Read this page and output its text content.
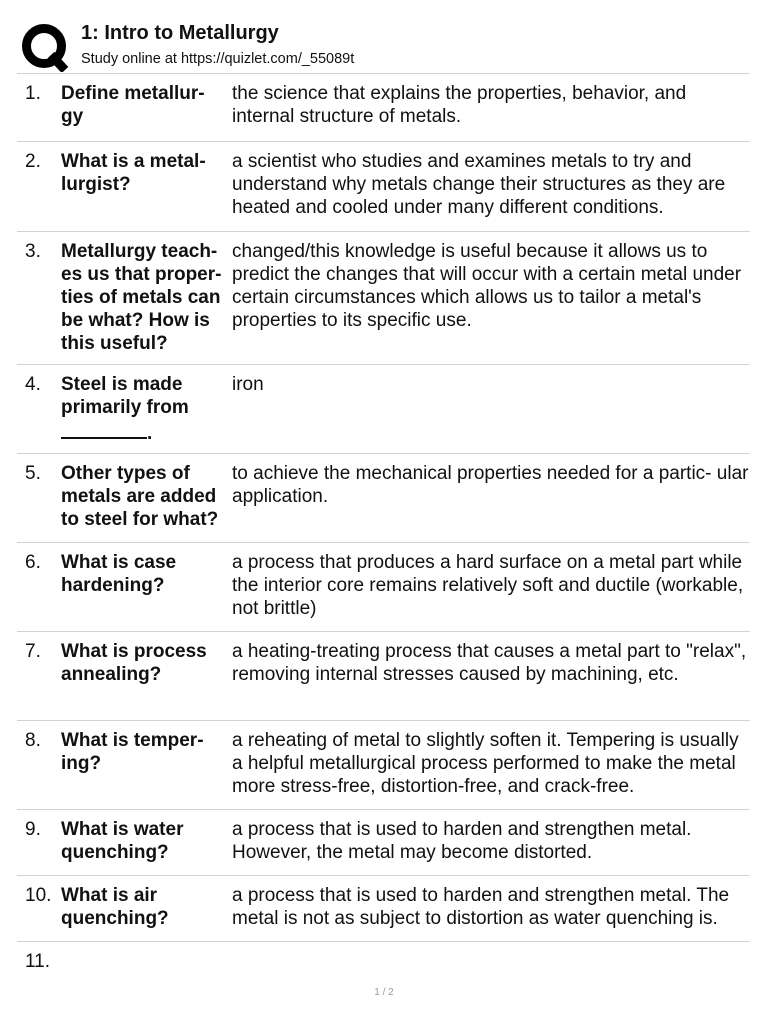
1: Intro to Metallurgy
Study online at https://quizlet.com/_55089t
1. Define metallur- gy
the science that explains the properties, behavior, and internal structure of metals.
2. What is a metal- lurgist?
a scientist who studies and examines metals to try and understand why metals change their structures as they are heated and cooled under many different conditions.
3. Metallurgy teach- es us that proper- ties of metals can be what? How is this useful?
changed/this knowledge is useful because it allows us to predict the changes that will occur with a certain metal under certain circumstances which allows us to tailor a metal's properties to its specific use.
4. Steel is made primarily from
.
iron
5. Other types of metals are added to steel for what?
to achieve the mechanical properties needed for a partic- ular application.
6. What is case hardening?
a process that produces a hard surface on a metal part while the interior core remains relatively soft and ductile (workable, not brittle)
7. What is process annealing?
a heating-treating process that causes a metal part to "relax", removing internal stresses caused by machining, etc.
8. What is temper- ing?
a reheating of metal to slightly soften it. Tempering is usually a helpful metallurgical process performed to make the metal more stress-free, distortion-free, and crack-free.
9. What is water quenching?
a process that is used to harden and strengthen metal. However, the metal may become distorted.
10. What is air quenching?
a process that is used to harden and strengthen metal. The metal is not as subject to distortion as water quenching is.
11.
1 / 2
